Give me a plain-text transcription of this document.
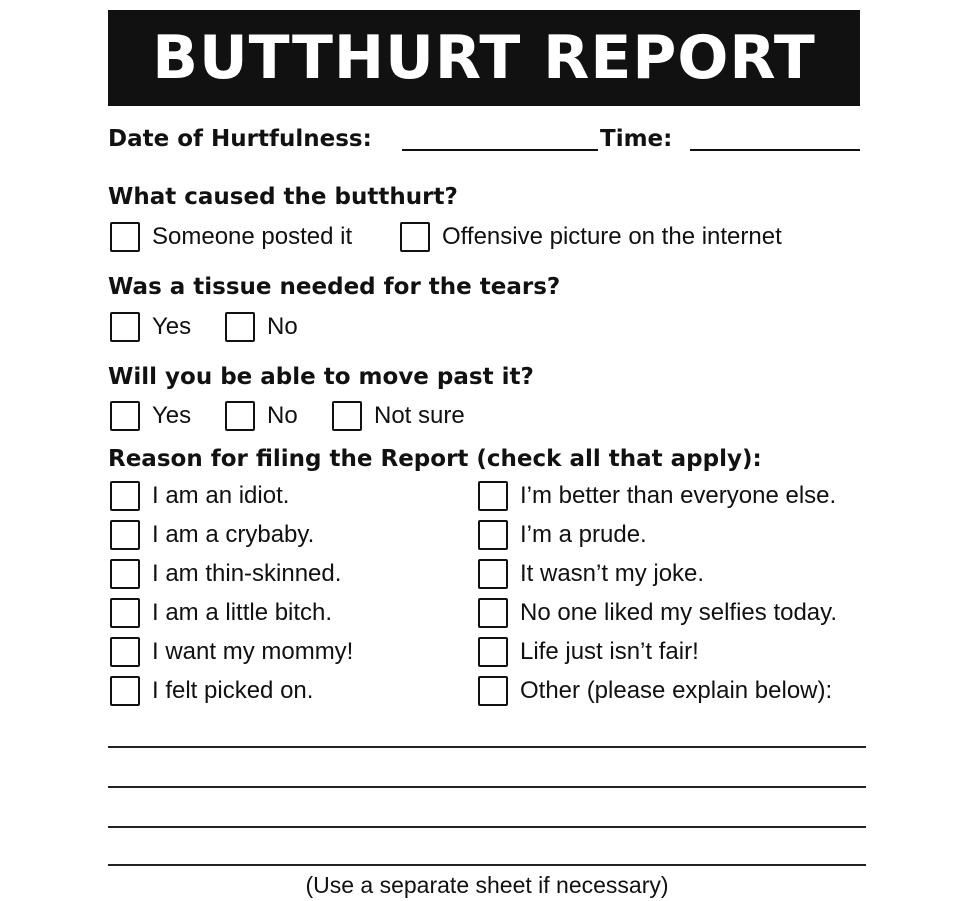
BUTTHURT REPORT
Date of Hurtfulness:	Time:
What caused the butthurt?
Someone posted it	Offensive picture on the internet
Was a tissue needed for the tears?
Yes	No
Will you be able to move past it?
Yes	No	Not sure
Reason for filing the Report (check all that apply):
I am an idiot.
I am a crybaby.
I am thin-skinned.
I am a little bitch.
I want my mommy!
I felt picked on.
I’m better than everyone else.
I’m a prude.
It wasn’t my joke.
No one liked my selfies today.
Life just isn’t fair!
Other (please explain below):
(Use a separate sheet if necessary)
